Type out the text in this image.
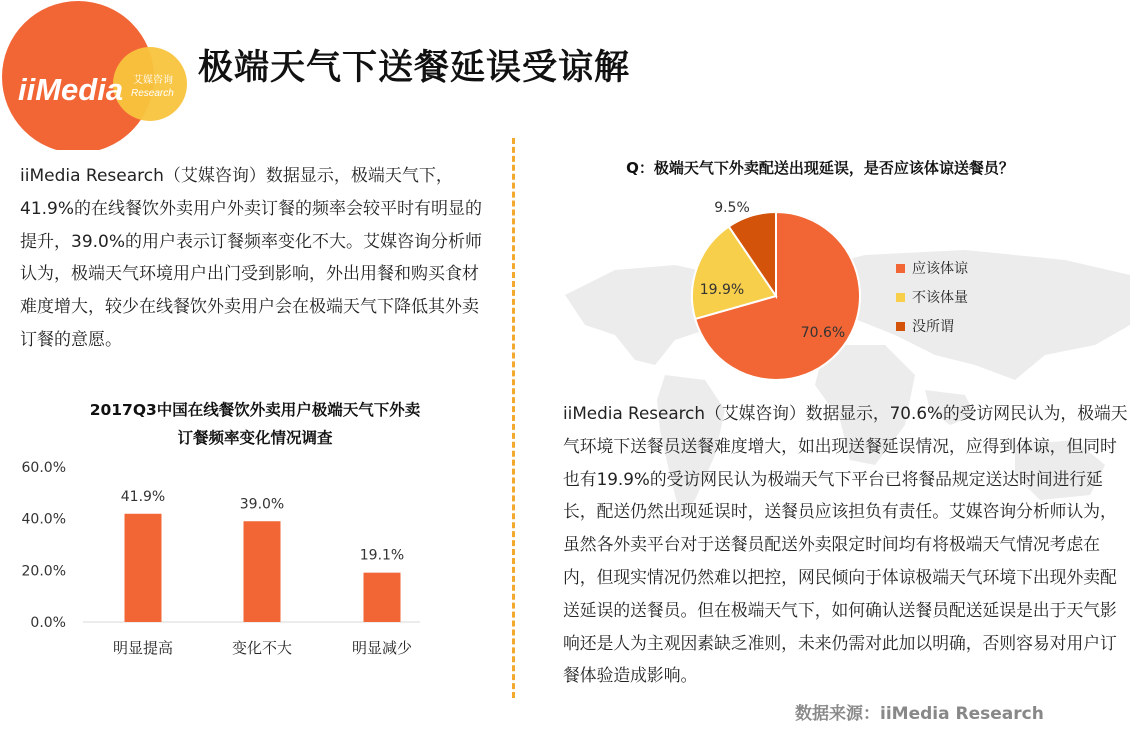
iiMedia 艾媒咨询
Research
极端天气下送餐延误受谅解
iiMedia Research（艾媒咨询）数据显示，极端天气下，41.9%的在线餐饮外卖用户外卖订餐的频率会较平时有明显的提升，39.0%的用户表示订餐频率变化不大。艾媒咨询分析师认为，极端天气环境用户出门受到影响，外出用餐和购买食材难度增大，较少在线餐饮外卖用户会在极端天气下降低其外卖订餐的意愿。
2017Q3中国在线餐饮外卖用户极端天气下外卖
订餐频率变化情况调查
0.0%
20.0%
40.0%
60.0%
41.9%
明显提高
39.0%
变化不大
19.1%
明显减少
Q：极端天气下外卖配送出现延误，是否应该体谅送餐员？
70.6%
19.9%
9.5%
应该体谅
不该体量
没所谓
iiMedia Research（艾媒咨询）数据显示，70.6%的受访网民认为，极端天气环境下送餐员送餐难度增大，如出现送餐延误情况，应得到体谅，但同时也有19.9%的受访网民认为极端天气下平台已将餐品规定送达时间进行延长，配送仍然出现延误时，送餐员应该担负有责任。艾媒咨询分析师认为，虽然各外卖平台对于送餐员配送外卖限定时间均有将极端天气情况考虑在内，但现实情况仍然难以把控，网民倾向于体谅极端天气环境下出现外卖配送延误的送餐员。但在极端天气下，如何确认送餐员配送延误是出于天气影响还是人为主观因素缺乏准则，未来仍需对此加以明确，否则容易对用户订餐体验造成影响。
数据来源：iiMedia Research
